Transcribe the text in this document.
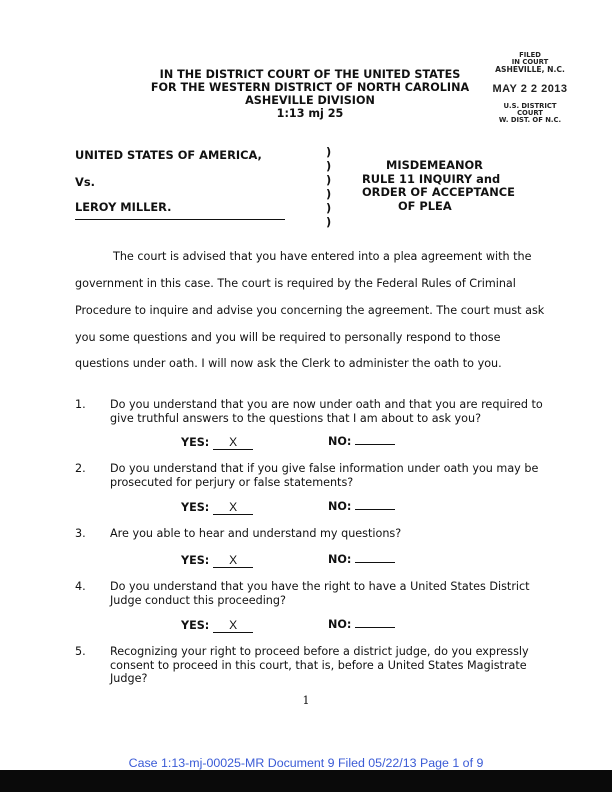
IN THE DISTRICT COURT OF THE UNITED STATES
FOR THE WESTERN DISTRICT OF NORTH CAROLINA
ASHEVILLE DIVISION
1:13 mj 25
FILED
IN COURT
ASHEVILLE, N.C.
MAY 2 2 2013
U.S. DISTRICT COURT
W. DIST. OF N.C.
UNITED STATES OF AMERICA,
Vs.
LEROY MILLER.
)
)
)
)
)
)
MISDEMEANOR
RULE 11 INQUIRY and
ORDER OF ACCEPTANCE
OF PLEA
The court is advised that you have entered into a plea agreement with the
government in this case. The court is required by the Federal Rules of Criminal
Procedure to inquire and advise you concerning the agreement. The court must ask
you some questions and you will be required to personally respond to those
questions under oath. I will now ask the Clerk to administer the oath to you.
1. Do you understand that you are now under oath and that you are required to give truthful answers to the questions that I am about to ask you?
YES: X	NO:
2. Do you understand that if you give false information under oath you may be prosecuted for perjury or false statements?
YES: X	NO:
3. Are you able to hear and understand my questions?
YES: X	NO:
4. Do you understand that you have the right to have a United States District Judge conduct this proceeding?
YES: X	NO:
5. Recognizing your right to proceed before a district judge, do you expressly consent to proceed in this court, that is, before a United States Magistrate Judge?
1
Case 1:13-mj-00025-MR Document 9 Filed 05/22/13 Page 1 of 9
